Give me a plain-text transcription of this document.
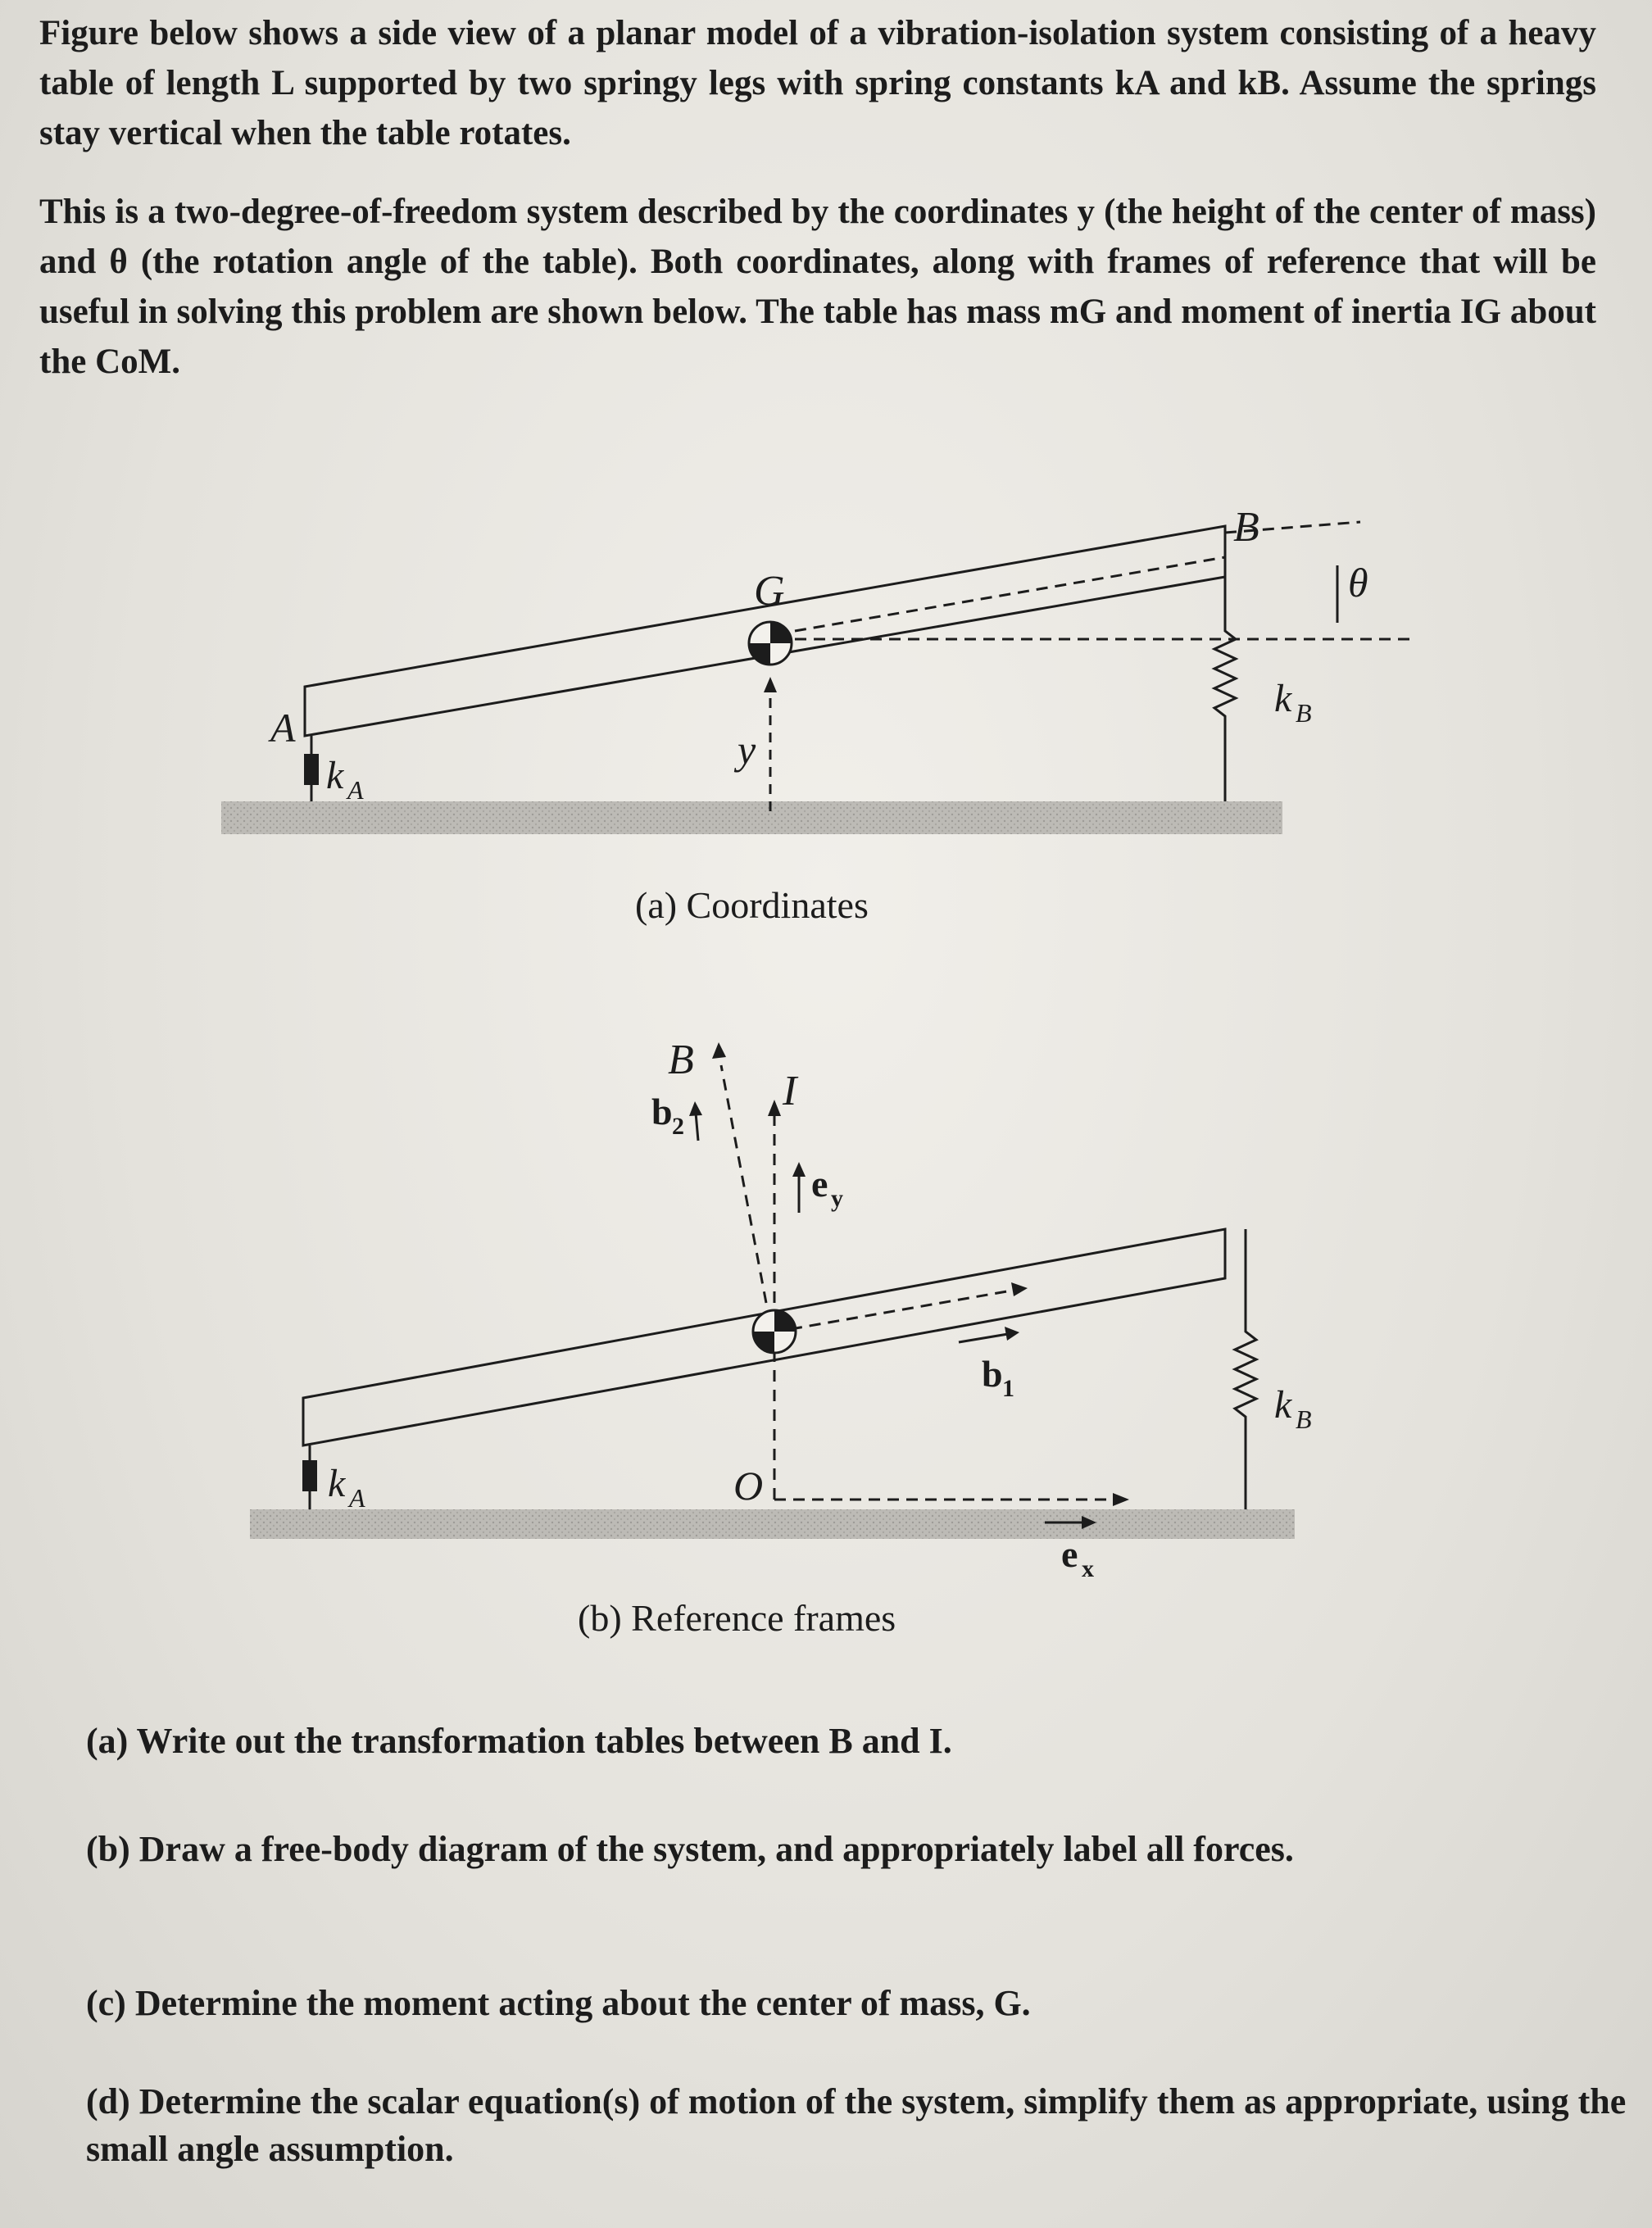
Figure below shows a side view of a planar model of a vibration-isolation system consisting of a heavy table of length L supported by two springy legs with spring constants kA and kB. Assume the springs stay vertical when the table rotates.

This is a two-degree-of-freedom system described by the coordinates y (the height of the center of mass) and θ (the rotation angle of the table). Both coordinates, along with frames of reference that will be useful in solving this problem are shown below. The table has mass mG and moment of inertia IG about the CoM.

G
B
A
θ
y
k A
k B
B
I
b 2
e y
b 1
O
e x
k A
k B
(a) Coordinates
(b) Reference frames

(a) Write out the transformation tables between B and I.

(b) Draw a free-body diagram of the system, and appropriately label all forces.

(c) Determine the moment acting about the center of mass, G.

(d) Determine the scalar equation(s) of motion of the system, simplify them as appropriate, using the small angle assumption.
